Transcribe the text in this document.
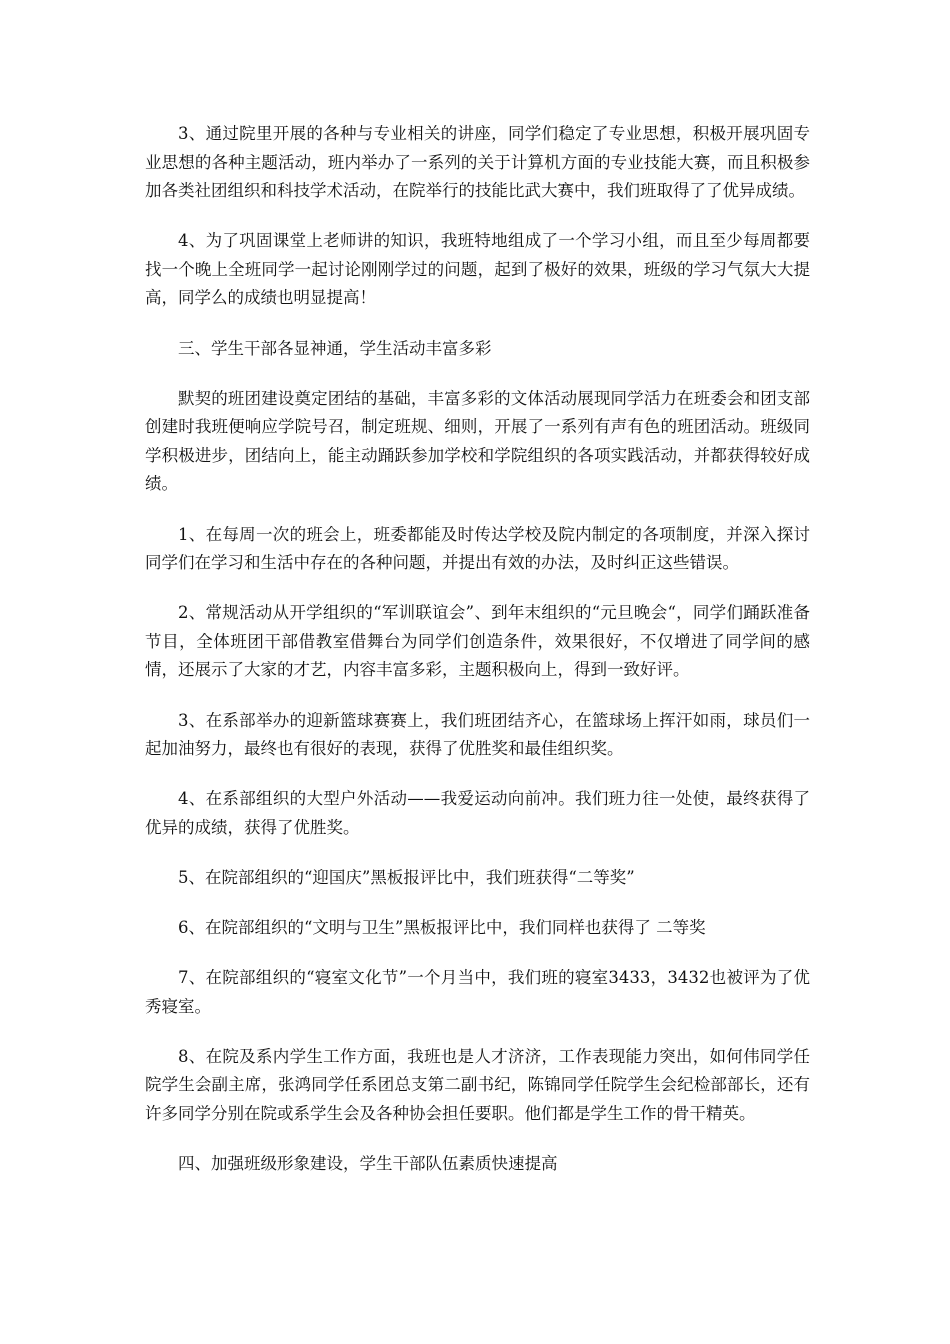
3、通过院里开展的各种与专业相关的讲座，同学们稳定了专业思想，积极开展巩固专业思想的各种主题活动，班内举办了一系列的关于计算机方面的专业技能大赛，而且积极参加各类社团组织和科技学术活动，在院举行的技能比武大赛中，我们班取得了了优异成绩。

4、为了巩固课堂上老师讲的知识，我班特地组成了一个学习小组，而且至少每周都要找一个晚上全班同学一起讨论刚刚学过的问题，起到了极好的效果，班级的学习气氛大大提高，同学么的成绩也明显提高！

三、学生干部各显神通，学生活动丰富多彩

默契的班团建设奠定团结的基础，丰富多彩的文体活动展现同学活力在班委会和团支部创建时我班便响应学院号召，制定班规、细则，开展了一系列有声有色的班团活动。班级同学积极进步，团结向上，能主动踊跃参加学校和学院组织的各项实践活动，并都获得较好成绩。

1、在每周一次的班会上，班委都能及时传达学校及院内制定的各项制度，并深入探讨同学们在学习和生活中存在的各种问题，并提出有效的办法，及时纠正这些错误。

2、常规活动从开学组织的“军训联谊会”、到年末组织的“元旦晚会“，同学们踊跃准备节目，全体班团干部借教室借舞台为同学们创造条件，效果很好，不仅增进了同学间的感情，还展示了大家的才艺，内容丰富多彩，主题积极向上，得到一致好评。

3、在系部举办的迎新篮球赛赛上，我们班团结齐心，在篮球场上挥汗如雨，球员们一起加油努力，最终也有很好的表现，获得了优胜奖和最佳组织奖。

4、在系部组织的大型户外活动——我爱运动向前冲。我们班力往一处使，最终获得了优异的成绩，获得了优胜奖。

5、在院部组织的“迎国庆”黑板报评比中，我们班获得“二等奖”

6、在院部组织的“文明与卫生”黑板报评比中，我们同样也获得了 二等奖

7、在院部组织的“寝室文化节”一个月当中，我们班的寝室3433，3432也被评为了优秀寝室。

8、在院及系内学生工作方面，我班也是人才济济，工作表现能力突出，如何伟同学任院学生会副主席，张鸿同学任系团总支第二副书纪，陈锦同学任院学生会纪检部部长，还有许多同学分别在院或系学生会及各种协会担任要职。他们都是学生工作的骨干精英。

四、加强班级形象建设，学生干部队伍素质快速提高
